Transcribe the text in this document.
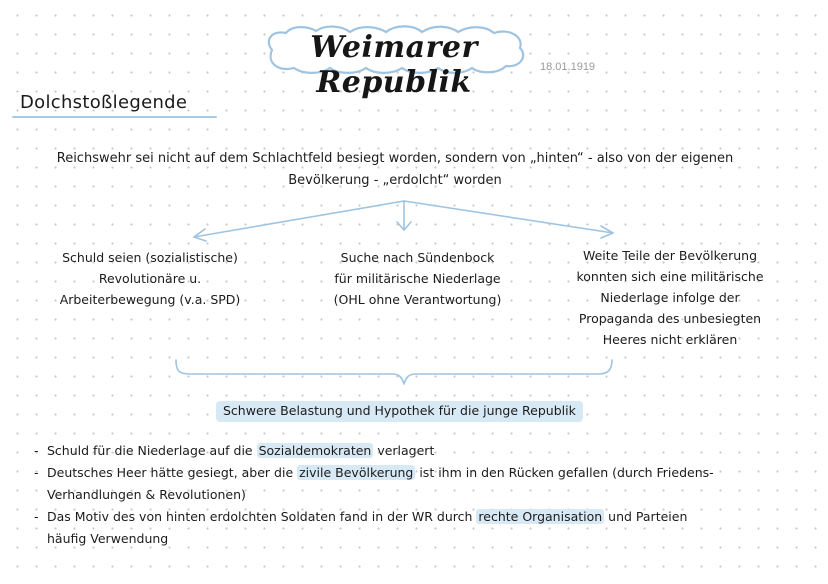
Weimarer Republik	18.01.1919
Dolchstoßlegende
Reichswehr sei nicht auf dem Schlachtfeld besiegt worden, sondern von „hinten“ - also von der eigenen
Bevölkerung - „erdolcht“ worden
Schuld seien (sozialistische)
Revolutionäre u.
Arbeiterbewegung (v.a. SPD)
Suche nach Sündenbock
für militärische Niederlage
(OHL ohne Verantwortung)
Weite Teile der Bevölkerung
konnten sich eine militärische
Niederlage infolge der
Propaganda des unbesiegten
Heeres nicht erklären
Schwere Belastung und Hypothek für die junge Republik
- Schuld für die Niederlage auf die Sozialdemokraten verlagert
- Deutsches Heer hätte gesiegt, aber die zivile Bevölkerung ist ihm in den Rücken gefallen (durch Friedens-
Verhandlungen & Revolutionen)
- Das Motiv des von hinten erdolchten Soldaten fand in der WR durch rechte Organisation und Parteien
häufig Verwendung
